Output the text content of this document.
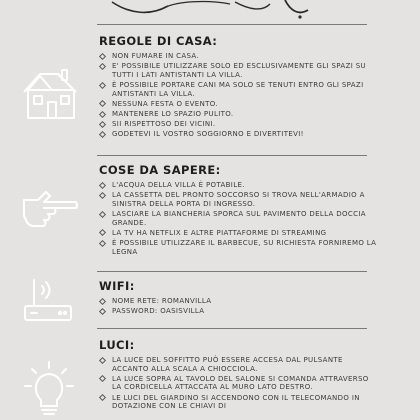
REGOLE DI CASA:
NON FUMARE IN CASA.
E' POSSIBILE UTILIZZARE SOLO ED ESCLUSIVAMENTE GLI SPAZI SU TUTTI I LATI ANTISTANTI LA VILLA.
È POSSIBILE PORTARE CANI MA SOLO SE TENUTI ENTRO GLI SPAZI ANTISTANTI LA VILLA.
NESSUNA FESTA O EVENTO.
MANTENERE LO SPAZIO PULITO.
SII RISPETTOSO DEI VICINI.
GODETEVI IL VOSTRO SOGGIORNO E DIVERTITEVI!
COSE DA SAPERE:
L'ACQUA DELLA VILLA È POTABILE.
LA CASSETTA DEL PRONTO SOCCORSO SI TROVA NELL'ARMADIO A SINISTRA DELLA PORTA DI INGRESSO.
LASCIARE LA BIANCHERIA SPORCA SUL PAVIMENTO DELLA DOCCIA GRANDE.
LA TV HA NETFLIX E ALTRE PIATTAFORME DI STREAMING
È POSSIBILE UTILIZZARE IL BARBECUE, SU RICHIESTA FORNIREMO LA LEGNA
WIFI:
NOME RETE: ROMANVILLA
PASSWORD: OASISVILLA
LUCI:
LA LUCE DEL SOFFITTO PUÒ ESSERE ACCESA DAL PULSANTE ACCANTO ALLA SCALA A CHIOCCIOLA.
LA LUCE SOPRA AL TAVOLO DEL SALONE SI COMANDA ATTRAVERSO LA CORDICELLA ATTACCATA AL MURO LATO DESTRO.
LE LUCI DEL GIARDINO SI ACCENDONO CON IL TELECOMANDO IN DOTAZIONE CON LE CHIAVI DI
